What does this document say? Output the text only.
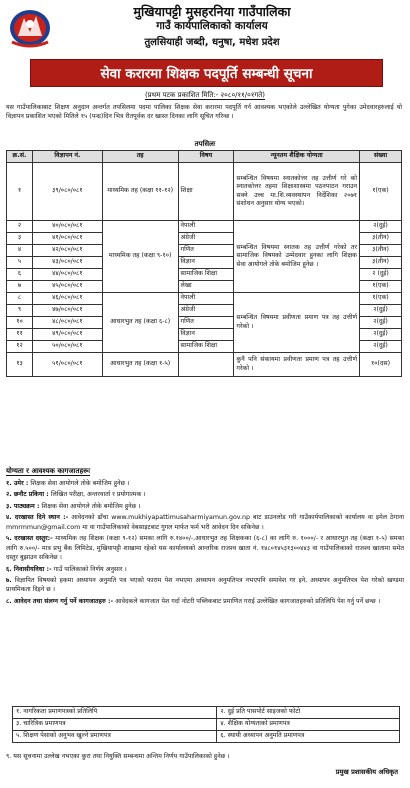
मुखियापट्टी मुसहरनिया गाउँपालिका
गाउँ कार्यपालिकाको कार्यालय
तुलसियाही जब्दी, धनुषा, मधेश प्रदेश
सेवा करारमा शिक्षक पदपूर्ति सम्बन्धी सूचना
(प्रथम पटक प्रकाशित मिति:- २०८०/११/०१गते)
यस गाउँपालिकाबाट शिक्षण अनुदान अन्तर्गत तपसिलमा पदमा पालिका शिक्षक सेवा करारमा पदपूर्ति गर्न आवश्यक भएकोले उल्लेखित योग्यता पुगेका उमेदवारहरुलाई यो विज्ञापन प्रकाशित भएको मितिले १५ (पन्ध्र)दिन भित्र रीतपूर्वक दर खास्त दिनका लागि सूचित गरिन्छ ।
तपसिलः
क्र.सं.	विज्ञापन नं.	तह	विषय	न्यूनतम शैक्षिक योग्यता	संख्या
१	३९/०८०/०८१	माध्यमिक तह (कक्षा ११-१२)	शिक्षा	सम्बन्धित विषयमा स्नातकोत्तर तह उत्तीर्ण गरे को स्नातकोत्तर तहमा शिक्षाशास्त्रमा पठनपाठन गराउन सक्ने उच्च मा.शि.व्यवस्थापन निर्देशिका २०७१ संशोधन अनुसार योग्य भएको।	१(एक)
२	४०/०८०/०८१	माध्यमिक तह (कक्षा ९-१०)	नेपाली	सम्बन्धित विषयमा स्नातक तह उत्तीर्ण गरेको तर सामाजिक विषयको उम्मेदवार हुनका लागि शिक्षक सेवा आयोगले तोके बमोजिम हुनेछ ।	२(दुई)
३	४१/०८०/०८१		अंग्रेजी		३(तीन)
४	४२/०८०/०८१		गणित		३(तीन)
५	४३/०८०/०८१		विज्ञान		३(तीन)
६	४४/०८०/०८१		सामाजिक शिक्षा		२ (दुई)
७	४५/०८०/०८१		लेखा		१(एक)
८	४६/०८०/०८१	आधारभुत तह (कक्षा ६-८)	नेपाली	सम्बन्धित विषयमा प्रवीणता प्रमाण पत्र तह उत्तीर्ण गरेको ।	१(एक)
९	४७/०८०/०८१		अंग्रेजी		२(दुई)
१०	४८/०८०/०८१		गणित		२(दुई)
११	४९/०८०/०८१		विज्ञान		२(दुई)
१२	५०/०८०/०८१		सामाजिक शिक्षा		२(दुई)
१३	५१/०८०/०८१	आधारभुत तह (कक्षा १-५)		कुनै पनि संकायमा प्रवीणता प्रमाण पत्र तह उत्तीर्ण गरेको ।	१०(दस)
योग्यता र आवश्यक कागजातहरूः
१. उमेर : शिक्षक सेवा आयोगले तोके बमोजिम हुनेछ ।
२. छनौट प्रकिया : लिखित परीक्षा, अन्तरवार्ता र प्रयोगात्मक ।
३. पाठ्यक्रम : शिक्षक सेवा आयोगले तोके बमोजिम हुनेछ ।
४. दरखास्त दिने स्थान :- आवेदनको ढाँचा www.mukhiyapattimusaharmiyamun.gov.np बाट डाउनलोड गरी गाउँकार्यपालिकाको कार्यालय वा इमेल ठेगाना mmrmmun@gmail.com मा वा गाउँपालिकाको वेबसाइटबाट गुगल मार्फत फर्म भरी आवेदन दिन सकिनेछ ।
५. दरखास्त दस्तुर:- माध्यमिक तह शिक्षक (कक्षा ९-१२) समका लागि रु.१४००/-,आधारभुत तह शिक्षकका (६-८) का लागि रु. १०००/- र आधारभुत तह (कक्षा १-५) समका लागि रु.५००/- मात्र प्रभु बैंक लिमिटेड, मुखियापट्टी शाखामा रहेको यस कार्यालयको आन्तरिक राजश्व खाता नं. १४८०१४५३१३००४४३ वा गाउँपालिकाको राजश्व खातामा समेत दस्तुर बुझाउन सकिनेछ ।
६. निवासीयविधा :- गाउँ पालिकाको निर्णय अनुसार ।
७. विज्ञापित विषयको हकमा अध्यापन अनुमति पत्र भएको फाराम पेश नभएमा अध्यापन अनुमतिपत्र नभएपनि समावेश गर इने, अध्यापन अनुमतिपत्र पेश गरेको खण्डमा प्राथमिकता दिइने छ ।
८. आवेदन तथा संलग्न गर्नु पर्ने कागजातहरु :- आवेदकले कागजात पेश गर्दा नोटरी पब्लिकबाट प्रमाणित गराई उल्लेखित कागजातहरुको प्रतिलिपि पेश गर्नु पर्ने छन्छ ।
१. नागरिकता प्रमाणपत्रको प्रतिलिपि	२. दुई प्रति पासपोर्ट साइजको फोटो
३. चारित्रिक प्रमाणपत्र	४. शैक्षिक योग्यताको प्रमाणपत्र
५. शिक्षण पेसाको अनुभव खुल्ने प्रमाणपत्र	६. स्थायी अध्यापन अनुमति प्रमाणपत्र
९. यस सूचनामा उल्लेख नभएका कुरा तथा नियुक्ति सम्बन्धमा अन्तिम निर्णय गाउँपालिकाको हुनेछ ।
प्रमुख प्रशासकीय अधिकृत
